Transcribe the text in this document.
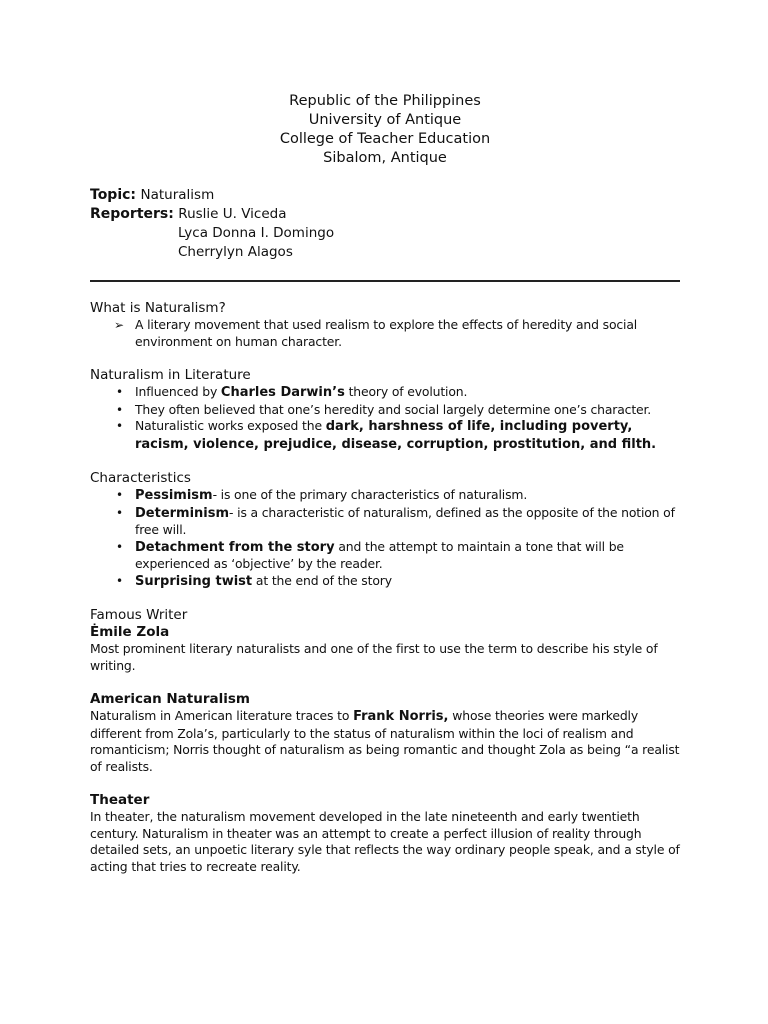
Republic of the Philippines
University of Antique
College of Teacher Education
Sibalom, Antique
Topic: Naturalism
Reporters: Ruslie U. Viceda
Lyca Donna I. Domingo
Cherrylyn Alagos
What is Naturalism?
➢ A literary movement that used realism to explore the effects of heredity and social environment on human character.
Naturalism in Literature
• Influenced by Charles Darwin’s theory of evolution.
• They often believed that one’s heredity and social largely determine one’s character.
• Naturalistic works exposed the dark, harshness of life, including poverty, racism, violence, prejudice, disease, corruption, prostitution, and filth.
Characteristics
• Pessimism- is one of the primary characteristics of naturalism.
• Determinism- is a characteristic of naturalism, defined as the opposite of the notion of free will.
• Detachment from the story and the attempt to maintain a tone that will be experienced as ‘objective’ by the reader.
• Surprising twist at the end of the story
Famous Writer
Ėmile Zola
Most prominent literary naturalists and one of the first to use the term to describe his style of writing.
American Naturalism
Naturalism in American literature traces to Frank Norris, whose theories were markedly different from Zola’s, particularly to the status of naturalism within the loci of realism and romanticism; Norris thought of naturalism as being romantic and thought Zola as being “a realist of realists.
Theater
In theater, the naturalism movement developed in the late nineteenth and early twentieth century. Naturalism in theater was an attempt to create a perfect illusion of reality through detailed sets, an unpoetic literary syle that reflects the way ordinary people speak, and a style of acting that tries to recreate reality.
